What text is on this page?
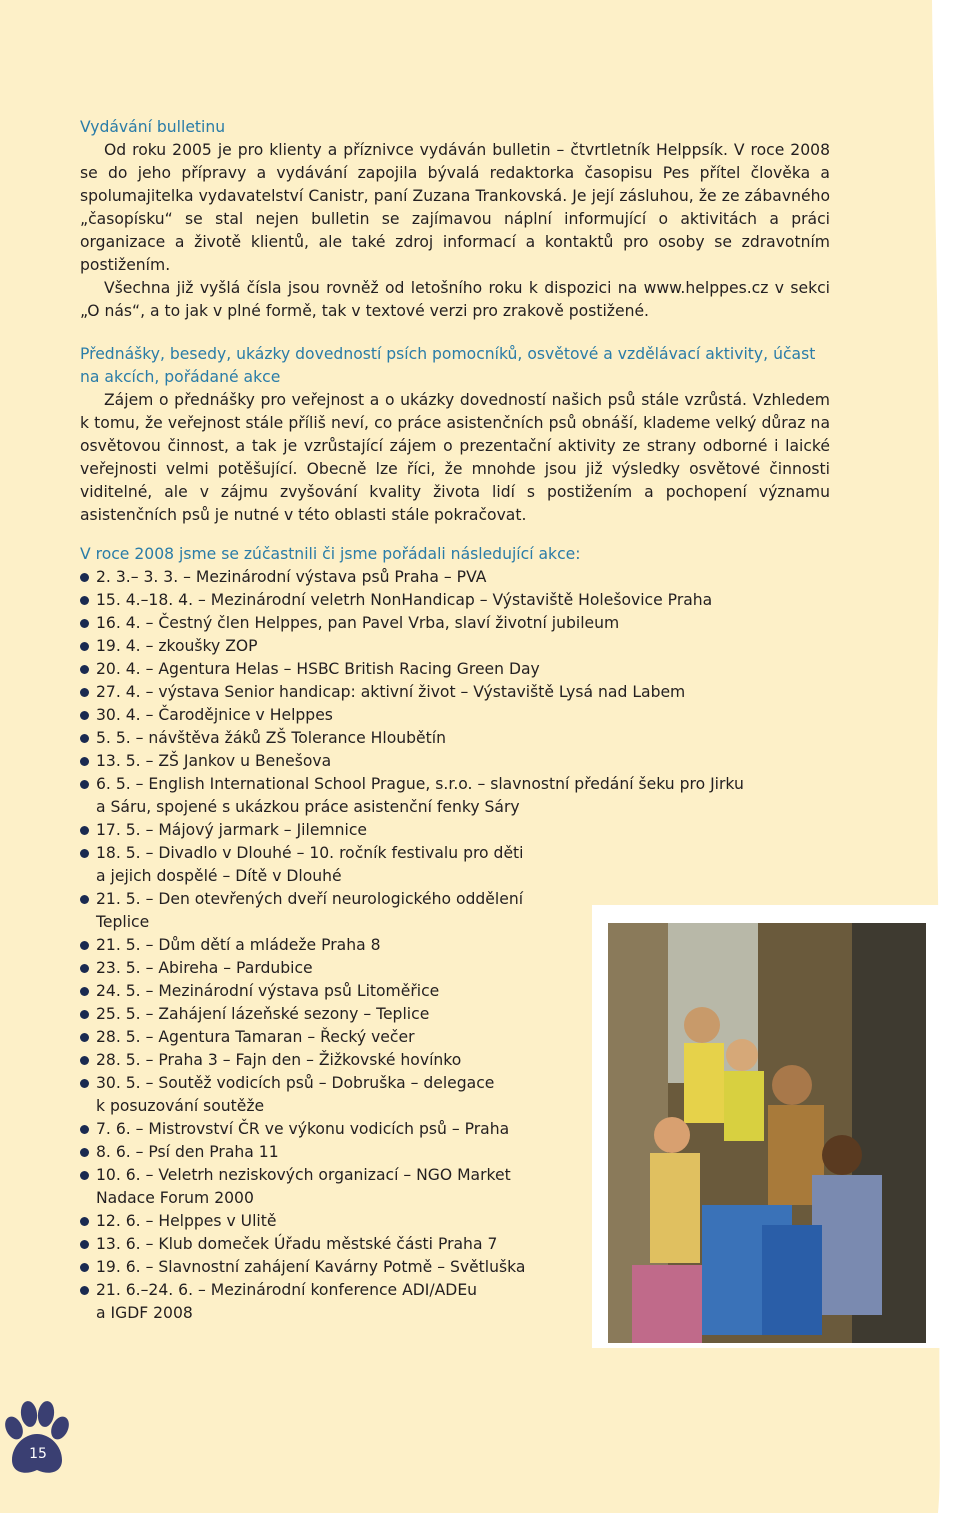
Vydávání bulletinu

Od roku 2005 je pro klienty a příznivce vydáván bulletin – čtvrtletník Helppsík. V roce 2008 se do jeho přípravy a vydávání zapojila bývalá redaktorka časopisu Pes přítel člověka a spolumajitelka vydavatelství Canistr, paní Zuzana Trankovská. Je její zásluhou, že ze zábavného „časopísku“ se stal nejen bulletin se zajímavou náplní informující o aktivitách a práci organizace a životě klientů, ale také zdroj informací a kontaktů pro osoby se zdravotním postižením.

Všechna již vyšlá čísla jsou rovněž od letošního roku k dispozici na www.helppes.cz v sekci „O nás“, a to jak v plné formě, tak v textové verzi pro zrakově postižené.

Přednášky, besedy, ukázky dovedností psích pomocníků, osvětové a vzdělávací aktivity, účast na akcích, pořádané akce

Zájem o přednášky pro veřejnost a o ukázky dovedností našich psů stále vzrůstá. Vzhledem k tomu, že veřejnost stále příliš neví, co práce asistenčních psů obnáší, klademe velký důraz na osvětovou činnost, a tak je vzrůstající zájem o prezentační aktivity ze strany odborné i laické veřejnosti velmi potěšující. Obecně lze říci, že mnohde jsou již výsledky osvětové činnosti viditelné, ale v zájmu zvyšování kvality života lidí s postižením a pochopení významu asistenčních psů je nutné v této oblasti stále pokračovat.

V roce 2008 jsme se zúčastnili či jsme pořádali následující akce:
2. 3.– 3. 3. – Mezinárodní výstava psů Praha – PVA
15. 4.–18. 4. – Mezinárodní veletrh NonHandicap – Výstaviště Holešovice Praha
16. 4. – Čestný člen Helppes, pan Pavel Vrba, slaví životní jubileum
19. 4. – zkoušky ZOP
20. 4. – Agentura Helas – HSBC British Racing Green Day
27. 4. – výstava Senior handicap: aktivní život – Výstaviště Lysá nad Labem
30. 4. – Čarodějnice v Helppes
5. 5. – návštěva žáků ZŠ Tolerance Hloubětín
13. 5. – ZŠ Jankov u Benešova
6. 5. – English International School Prague, s.r.o. – slavnostní předání šeku pro Jirku
a Sáru, spojené s ukázkou práce asistenční fenky Sáry
17. 5. – Májový jarmark – Jilemnice
18. 5. – Divadlo v Dlouhé – 10. ročník festivalu pro děti
a jejich dospělé – Dítě v Dlouhé
21. 5. – Den otevřených dveří neurologického oddělení
Teplice
21. 5. – Dům dětí a mládeže Praha 8
23. 5. – Abireha – Pardubice
24. 5. – Mezinárodní výstava psů Litoměřice
25. 5. – Zahájení lázeňské sezony – Teplice
28. 5. – Agentura Tamaran – Řecký večer
28. 5. – Praha 3 – Fajn den – Žižkovské hovínko
30. 5. – Soutěž vodicích psů – Dobruška – delegace
k posuzování soutěže
7. 6. – Mistrovství ČR ve výkonu vodicích psů – Praha
8. 6. – Psí den Praha 11
10. 6. – Veletrh neziskových organizací – NGO Market
Nadace Forum 2000
12. 6. – Helppes v Ulitě
13. 6. – Klub domeček Úřadu městské části Praha 7
19. 6. – Slavnostní zahájení Kavárny Potmě – Světluška
21. 6.–24. 6. – Mezinárodní konference ADI/ADEu
a IGDF 2008
15
